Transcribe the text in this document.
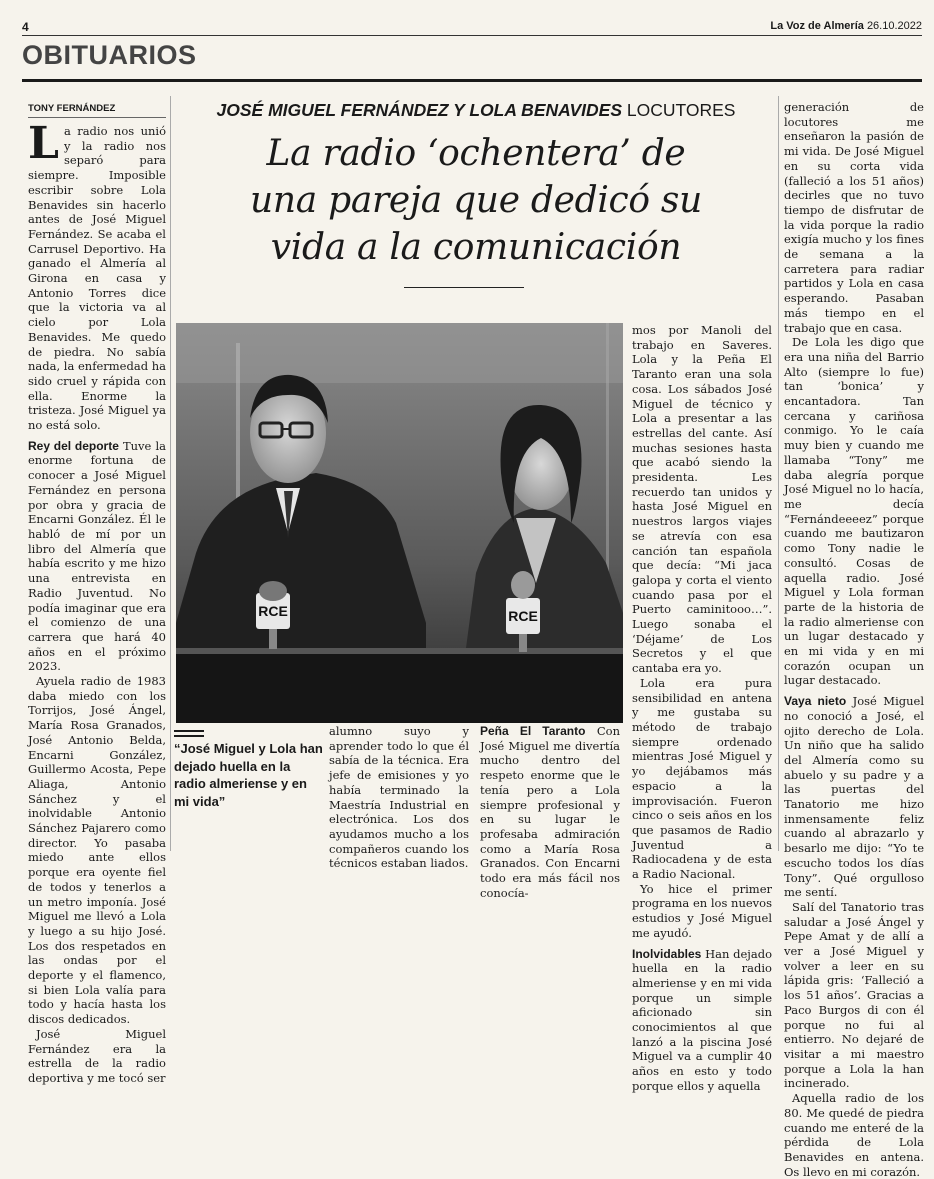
4	La Voz de Almería 26.10.2022
OBITUARIOS
TONY FERNÁNDEZ	JOSÉ MIGUEL FERNÁNDEZ Y LOLA BENAVIDES LOCUTORES
La radio ‘ochentera’ de
una pareja que dedicó su
vida a la comunicación

La radio nos unió y la radio nos separó para siempre. Imposible escribir sobre Lola Benavides sin hacerlo antes de José Miguel Fernández. Se acaba el Carrusel Deportivo. Ha ganado el Almería al Girona en casa y Antonio Torres dice que la victoria va al cielo por Lola Benavides. Me quedo de piedra. No sabía nada, la enfermedad ha sido cruel y rápida con ella. Enorme la tristeza. José Miguel ya no está solo.

Rey del deporte Tuve la enorme fortuna de conocer a José Miguel Fernández en persona por obra y gracia de Encarni González. Él le habló de mí por un libro del Almería que había escrito y me hizo una entrevista en Radio Juventud. No podía imaginar que era el comienzo de una carrera que hará 40 años en el próximo 2023.

Ayuela radio de 1983 daba miedo con los Torrijos, José Ángel, María Rosa Granados, José Antonio Belda, Encarni González, Guillermo Acosta, Pepe Aliaga, Antonio Sánchez y el inolvidable Antonio Sánchez Pajarero como director. Yo pasaba miedo ante ellos porque era oyente fiel de todos y tenerlos a un metro imponía. José Miguel me llevó a Lola y luego a su hijo José. Los dos respetados en las ondas por el deporte y el flamenco, si bien Lola valía para todo y hacía hasta los discos dedicados.

José Miguel Fernández era la estrella de la radio deportiva y me tocó ser

RCE	RCE
“José Miguel y Lola han dejado huella en la radio almeriense y en mi vida”

alumno suyo y aprender todo lo que él sabía de la técnica. Era jefe de emisiones y yo había terminado la Maestría Industrial en electrónica. Los dos ayudamos mucho a los compañeros cuando los técnicos estaban liados.

Peña El Taranto Con José Miguel me divertía mucho dentro del respeto enorme que le tenía pero a Lola siempre profesional y en su lugar le profesaba admiración como a María Rosa Granados. Con Encarni todo era más fácil nos conocía-

mos por Manoli del trabajo en Saveres. Lola y la Peña El Taranto eran una sola cosa. Los sábados José Miguel de técnico y Lola a presentar a las estrellas del cante. Así muchas sesiones hasta que acabó siendo la presidenta. Les recuerdo tan unidos y hasta José Miguel en nuestros largos viajes se atrevía con esa canción tan española que decía: “Mi jaca galopa y corta el viento cuando pasa por el Puerto caminitooo…”. Luego sonaba el ‘Déjame’ de Los Secretos y el que cantaba era yo.

Lola era pura sensibilidad en antena y me gustaba su método de trabajo siempre ordenado mientras José Miguel y yo dejábamos más espacio a la improvisación. Fueron cinco o seis años en los que pasamos de Radio Juventud a Radiocadena y de esta a Radio Nacional.

Yo hice el primer programa en los nuevos estudios y José Miguel me ayudó.

Inolvidables Han dejado huella en la radio almeriense y en mi vida porque un simple aficionado sin conocimientos al que lanzó a la piscina José Miguel va a cumplir 40 años en esto y todo porque ellos y aquella

generación de locutores me enseñaron la pasión de mi vida. De José Miguel en su corta vida (falleció a los 51 años) decirles que no tuvo tiempo de disfrutar de la vida porque la radio exigía mucho y los fines de semana a la carretera para radiar partidos y Lola en casa esperando. Pasaban más tiempo en el trabajo que en casa.

De Lola les digo que era una niña del Barrio Alto (siempre lo fue) tan ‘bonica’ y encantadora. Tan cercana y cariñosa conmigo. Yo le caía muy bien y cuando me llamaba “Tony” me daba alegría porque José Miguel no lo hacía, me decía “Fernándeeeez” porque cuando me bautizaron como Tony nadie le consultó. Cosas de aquella radio. José Miguel y Lola forman parte de la historia de la radio almeriense con un lugar destacado y en mi vida y en mi corazón ocupan un lugar destacado.

Vaya nieto José Miguel no conoció a José, el ojito derecho de Lola. Un niño que ha salido del Almería como su abuelo y su padre y a las puertas del Tanatorio me hizo inmensamente feliz cuando al abrazarlo y besarlo me dijo: “Yo te escucho todos los días Tony”. Qué orgulloso me sentí.

Salí del Tanatorio tras saludar a José Ángel y Pepe Amat y de allí a ver a José Miguel y volver a leer en su lápida gris: ‘Falleció a los 51 años’. Gracias a Paco Burgos di con él porque no fui al entierro. No dejaré de visitar a mi maestro porque a Lola la han incinerado.

Aquella radio de los 80. Me quedé de piedra cuando me enteré de la pérdida de Lola Benavides en antena. Os llevo en mi corazón.
